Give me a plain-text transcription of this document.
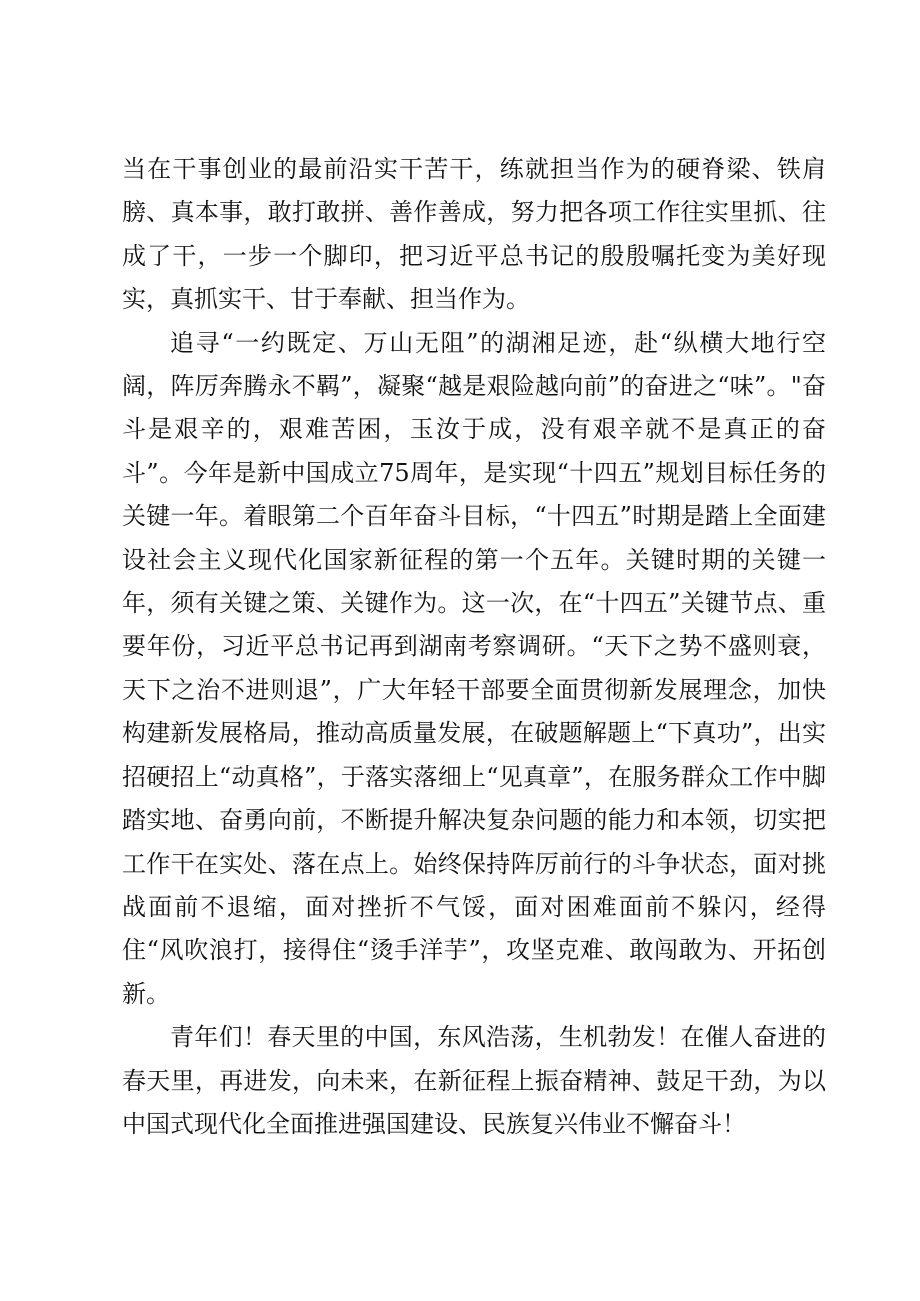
当在干事创业的最前沿实干苦干，练就担当作为的硬脊梁、铁肩膀、真本事，敢打敢拼、善作善成，努力把各项工作往实里抓、往成了干，一步一个脚印，把习近平总书记的殷殷嘱托变为美好现实，真抓实干、甘于奉献、担当作为。

追寻“一约既定、万山无阻”的湖湘足迹，赴“纵横大地行空阔，阵厉奔腾永不羁”，凝聚“越是艰险越向前”的奋进之“味”。"奋斗是艰辛的，艰难苦困，玉汝于成，没有艰辛就不是真正的奋斗”。今年是新中国成立75周年，是实现“十四五”规划目标任务的关键一年。着眼第二个百年奋斗目标，“十四五”时期是踏上全面建设社会主义现代化国家新征程的第一个五年。关键时期的关键一年，须有关键之策、关键作为。这一次，在“十四五”关键节点、重要年份，习近平总书记再到湖南考察调研。“天下之势不盛则衰，天下之治不进则退”，广大年轻干部要全面贯彻新发展理念，加快构建新发展格局，推动高质量发展，在破题解题上“下真功”，出实招硬招上“动真格”，于落实落细上“见真章”，在服务群众工作中脚踏实地、奋勇向前，不断提升解决复杂问题的能力和本领，切实把工作干在实处、落在点上。始终保持阵厉前行的斗争状态，面对挑战面前不退缩，面对挫折不气馁，面对困难面前不躲闪，经得住“风吹浪打，接得住“烫手洋芋”，攻坚克难、敢闯敢为、开拓创新。

青年们！春天里的中国，东风浩荡，生机勃发！在催人奋进的春天里，再进发，向未来，在新征程上振奋精神、鼓足干劲，为以中国式现代化全面推进强国建设、民族复兴伟业不懈奋斗！
